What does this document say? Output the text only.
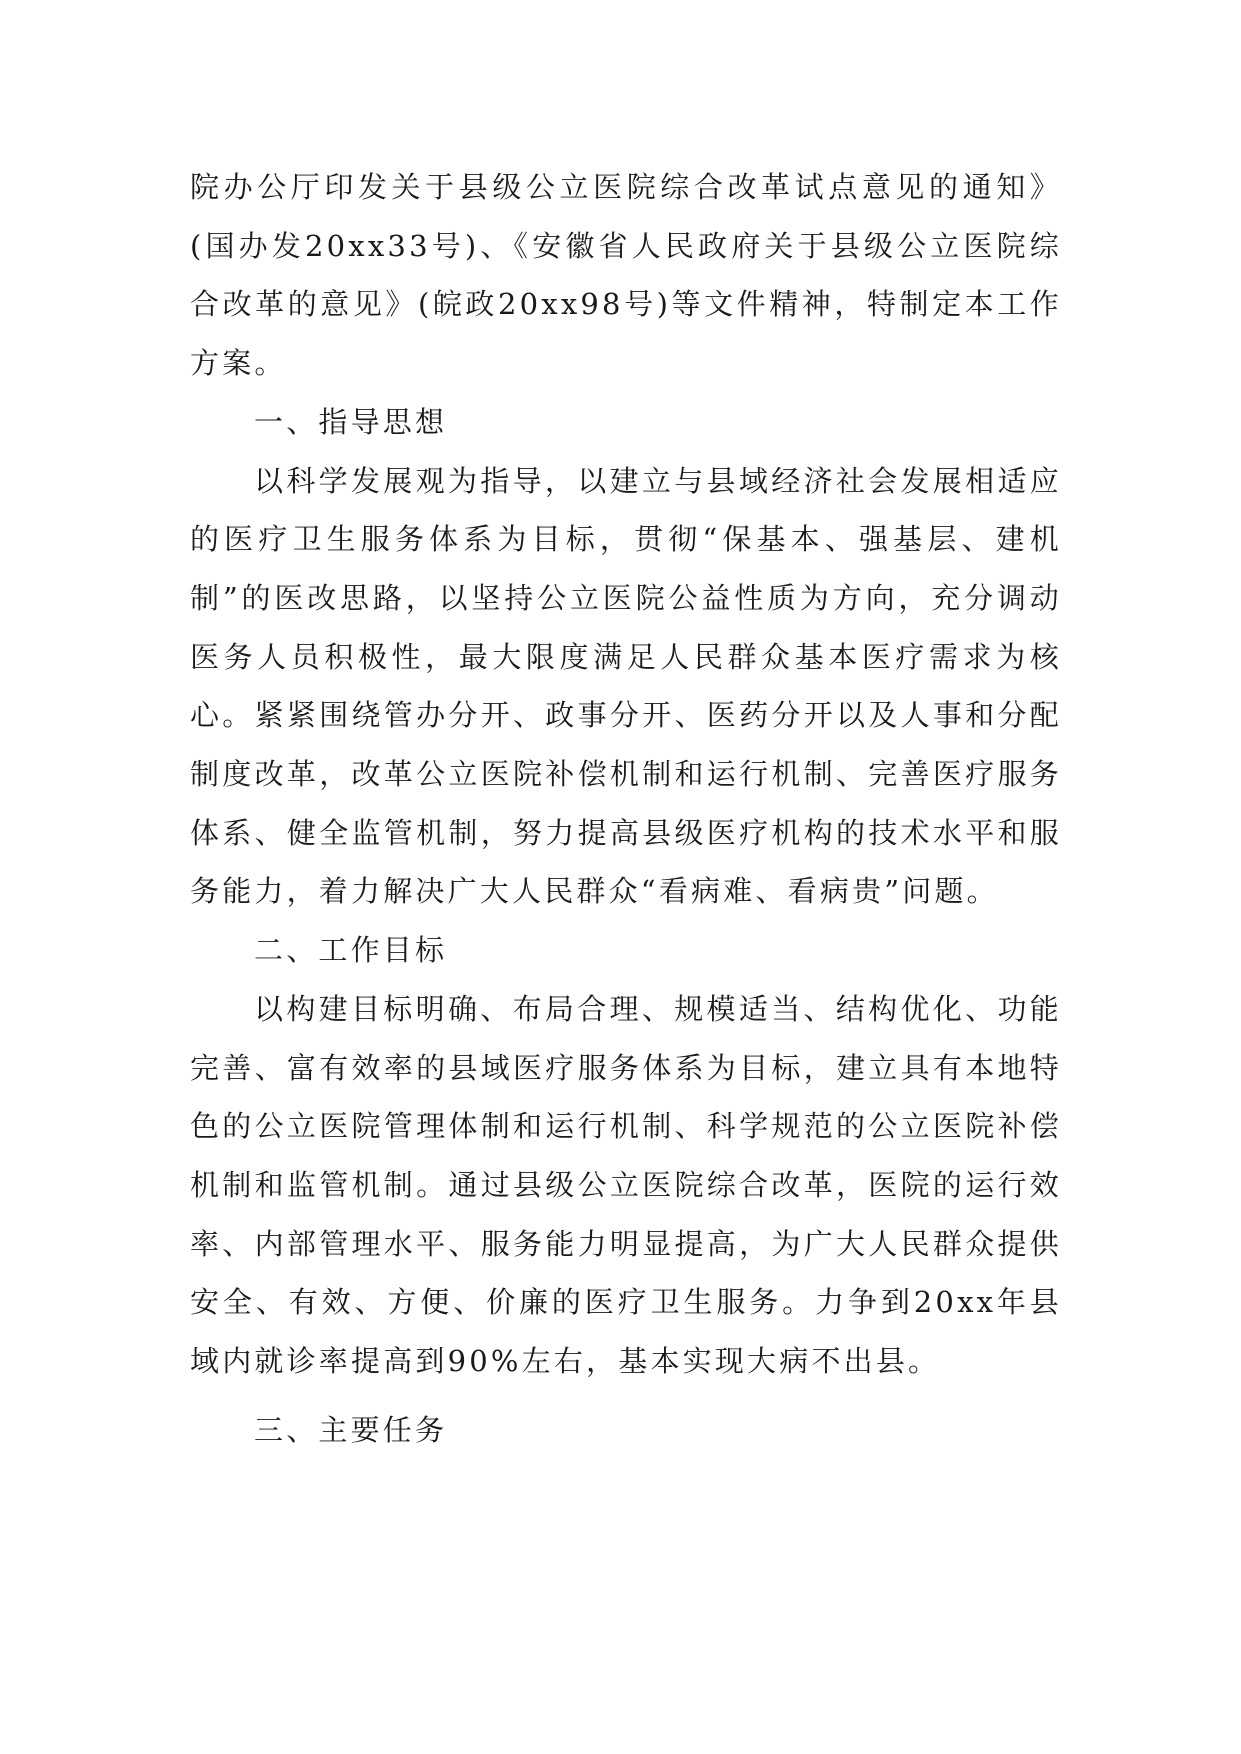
院办公厅印发关于县级公立医院综合改革试点意见的通知》(国办发20xx33号)、《安徽省人民政府关于县级公立医院综合改革的意见》(皖政20xx98号)等文件精神，特制定本工作方案。

一、指导思想

以科学发展观为指导，以建立与县域经济社会发展相适应的医疗卫生服务体系为目标，贯彻“保基本、强基层、建机制”的医改思路，以坚持公立医院公益性质为方向，充分调动医务人员积极性，最大限度满足人民群众基本医疗需求为核心。紧紧围绕管办分开、政事分开、医药分开以及人事和分配制度改革，改革公立医院补偿机制和运行机制、完善医疗服务体系、健全监管机制，努力提高县级医疗机构的技术水平和服务能力，着力解决广大人民群众“看病难、看病贵”问题。

二、工作目标

以构建目标明确、布局合理、规模适当、结构优化、功能完善、富有效率的县域医疗服务体系为目标，建立具有本地特色的公立医院管理体制和运行机制、科学规范的公立医院补偿机制和监管机制。通过县级公立医院综合改革，医院的运行效率、内部管理水平、服务能力明显提高，为广大人民群众提供安全、有效、方便、价廉的医疗卫生服务。力争到20xx年县域内就诊率提高到90%左右，基本实现大病不出县。

三、主要任务
